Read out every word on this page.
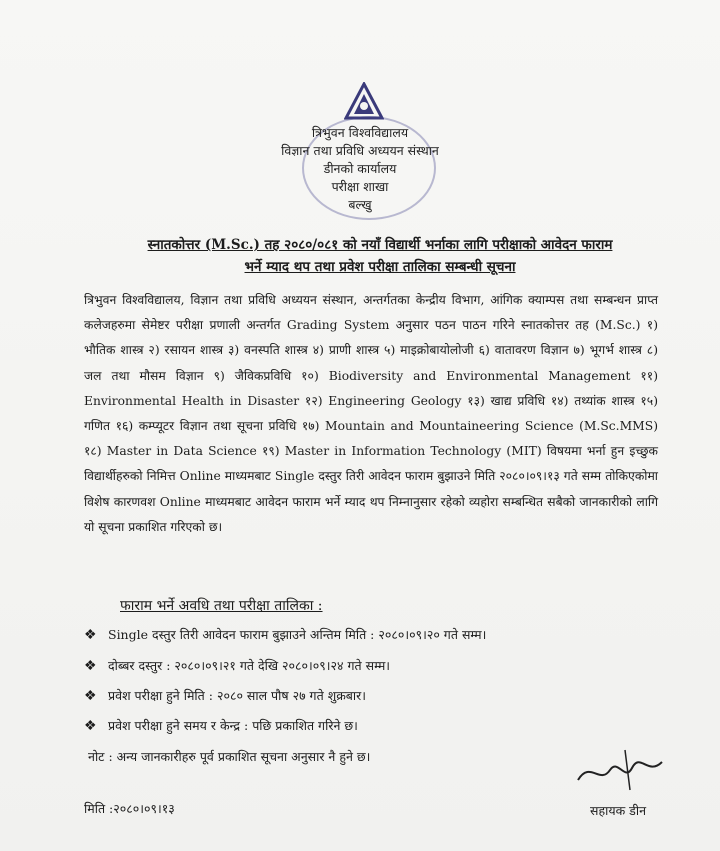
त्रिभुवन विश्वविद्यालय
विज्ञान तथा प्रविधि अध्ययन संस्थान
डीनको कार्यालय
परीक्षा शाखा
बल्खु
स्नातकोत्तर (M.Sc.) तह २०८०/०८१ को नयाँ विद्यार्थी भर्नाका लागि परीक्षाको आवेदन फाराम
भर्ने म्याद थप तथा प्रवेश परीक्षा तालिका सम्बन्धी सूचना
त्रिभुवन विश्वविद्यालय, विज्ञान तथा प्रविधि अध्ययन संस्थान, अन्तर्गतका केन्द्रीय विभाग, आंगिक क्याम्पस तथा सम्बन्धन प्राप्त कलेजहरुमा सेमेष्टर परीक्षा प्रणाली अन्तर्गत Grading System अनुसार पठन पाठन गरिने स्नातकोत्तर तह (M.Sc.) १) भौतिक शास्त्र २) रसायन शास्त्र ३) वनस्पति शास्त्र ४) प्राणी शास्त्र ५) माइक्रोबायोलोजी ६) वातावरण विज्ञान ७) भूगर्भ शास्त्र ८) जल तथा मौसम विज्ञान ९) जैविकप्रविधि १०) Biodiversity and Environmental Management ११) Environmental Health in Disaster १२) Engineering Geology १३) खाद्य प्रविधि १४) तथ्यांक शास्त्र १५) गणित १६) कम्प्यूटर विज्ञान तथा सूचना प्रविधि १७) Mountain and Mountaineering Science (M.Sc.MMS) १८) Master in Data Science १९) Master in Information Technology (MIT) विषयमा भर्ना हुन इच्छुक विद्यार्थीहरुको निमित्त Online माध्यमबाट Single दस्तुर तिरी आवेदन फाराम बुझाउने मिति २०८०।०९।१३ गते सम्म तोकिएकोमा विशेष कारणवश Online माध्यमबाट आवेदन फाराम भर्ने म्याद थप निम्नानुसार रहेको व्यहोरा सम्बन्धित सबैको जानकारीको लागि यो सूचना प्रकाशित गरिएको छ।
फाराम भर्ने अवधि तथा परीक्षा तालिका :
❖ Single दस्तुर तिरी आवेदन फाराम बुझाउने अन्तिम मिति : २०८०।०९।२० गते सम्म।
❖ दोब्बर दस्तुर : २०८०।०९।२१ गते देखि २०८०।०९।२४ गते सम्म।
❖ प्रवेश परीक्षा हुने मिति : २०८० साल पौष २७ गते शुक्रबार।
❖ प्रवेश परीक्षा हुने समय र केन्द्र : पछि प्रकाशित गरिने छ।
नोट : अन्य जानकारीहरु पूर्व प्रकाशित सूचना अनुसार नै हुने छ।
मिति :२०८०।०९।१३	सहायक डीन
